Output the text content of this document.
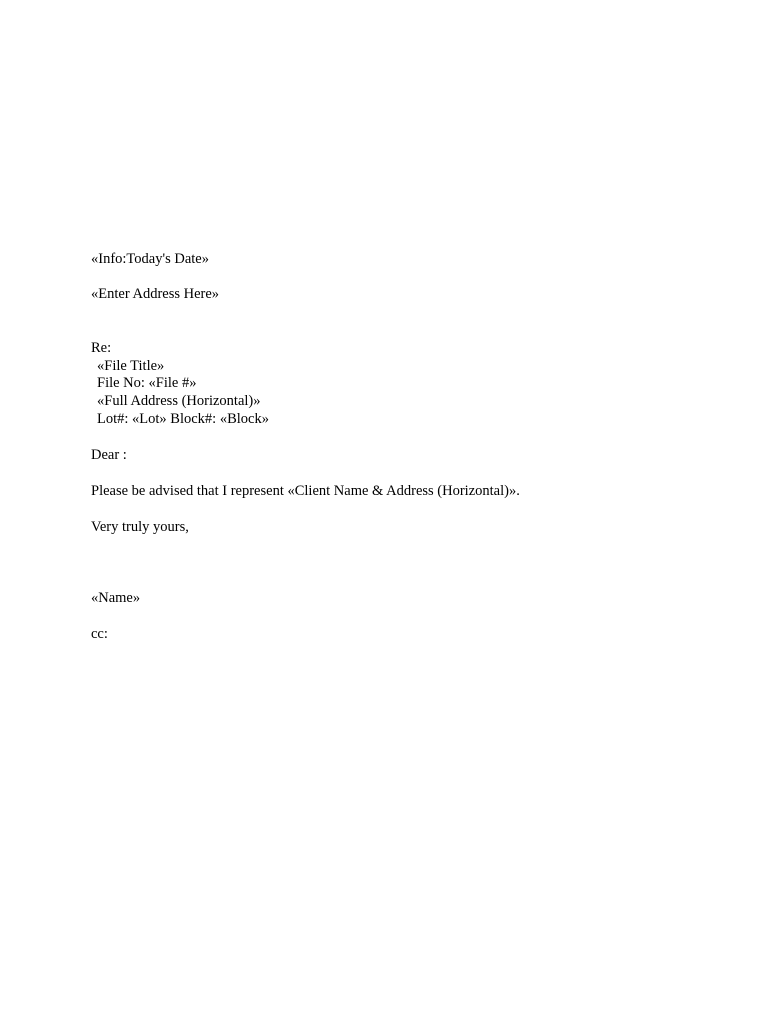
«Info:Today's Date»
«Enter Address Here»
Re:
«File Title»
File No: «File #»
«Full Address (Horizontal)»
Lot#: «Lot» Block#: «Block»
Dear :
Please be advised that I represent «Client Name & Address (Horizontal)».
Very truly yours,
«Name»
cc:
